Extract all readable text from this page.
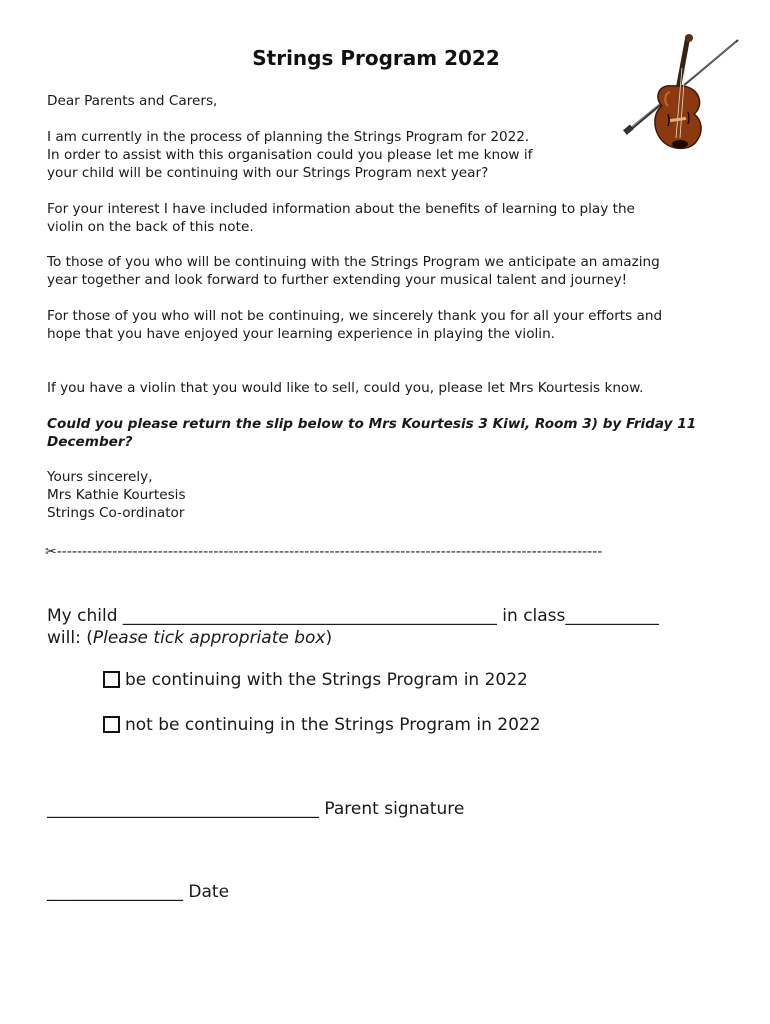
Strings Program 2022
Dear Parents and Carers,
I am currently in the process of planning the Strings Program for 2022.
In order to assist with this organisation could you please let me know if
your child will be continuing with our Strings Program next year?
For your interest I have included information about the benefits of learning to play the
violin on the back of this note.
To those of you who will be continuing with the Strings Program we anticipate an amazing
year together and look forward to further extending your musical talent and journey!
For those of you who will not be continuing, we sincerely thank you for all your efforts and
hope that you have enjoyed your learning experience in playing the violin.
If you have a violin that you would like to sell, could you, please let Mrs Kourtesis know.
Could you please return the slip below to Mrs Kourtesis 3 Kiwi, Room 3) by Friday 11
December?
Yours sincerely,
Mrs Kathie Kourtesis
Strings Co-ordinator
✂------------------------------------------------------------------------------------------------------------
My child ____________________________________________ in class___________
will: (Please tick appropriate box)
be continuing with the Strings Program in 2022
not be continuing in the Strings Program in 2022
________________________________ Parent signature
________________ Date
